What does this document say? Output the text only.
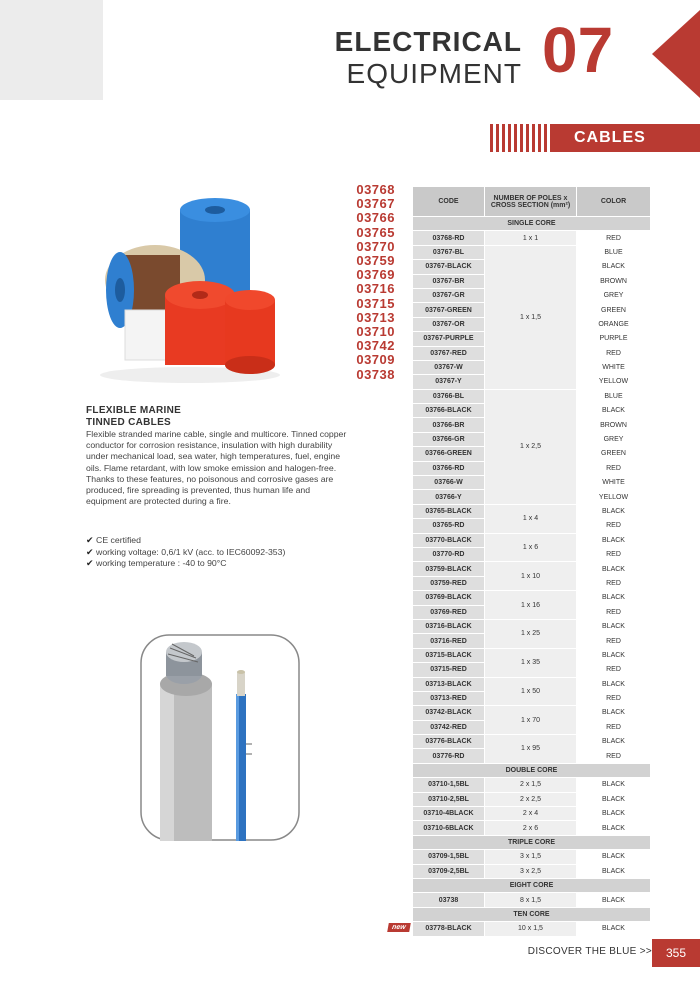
ELECTRICAL
EQUIPMENT 07
CABLES
03768
03767
03766
03765
03770
03759
03769
03716
03715
03713
03710
03742
03709
03738
FLEXIBLE MARINE
TINNED CABLES
Flexible stranded marine cable, single and multicore. Tinned copper conductor for corrosion resistance, insulation with high durability under mechanical load, sea water, high temperatures, fuel, engine oils. Flame retardant, with low smoke emission and halogen-free. Thanks to these features, no poisonous and corrosive gases are produced, fire spreading is prevented, thus human life and equipment are protected during a fire.
✔ CE certified
✔ working voltage: 0,6/1 kV (acc. to IEC60092-353)
✔ working temperature : -40 to 90°C
CODE	NUMBER OF POLES x CROSS SECTION (mm²)	COLOR
SINGLE CORE		
03768-RD	1 x 1	RED
03767-BL	1 x 1,5	BLUE
03767-BLACK		BLACK
03767-BR		BROWN
03767-GR		GREY
03767-GREEN		GREEN
03767-OR		ORANGE
03767-PURPLE		PURPLE
03767-RED		RED
03767-W		WHITE
03767-Y		YELLOW
03766-BL	1 x 2,5	BLUE
03766-BLACK		BLACK
03766-BR		BROWN
03766-GR		GREY
03766-GREEN		GREEN
03766-RD		RED
03766-W		WHITE
03766-Y		YELLOW
03765-BLACK	1 x 4	BLACK
03765-RD		RED
03770-BLACK	1 x 6	BLACK
03770-RD		RED
03759-BLACK	1 x 10	BLACK
03759-RED		RED
03769-BLACK	1 x 16	BLACK
03769-RED		RED
03716-BLACK	1 x 25	BLACK
03716-RED		RED
03715-BLACK	1 x 35	BLACK
03715-RED		RED
03713-BLACK	1 x 50	BLACK
03713-RED		RED
03742-BLACK	1 x 70	BLACK
03742-RED		RED
03776-BLACK	1 x 95	BLACK
03776-RD		RED
DOUBLE CORE		
03710-1,5BL	2 x 1,5	BLACK
03710-2,5BL	2 x 2,5	BLACK
03710-4BLACK	2 x 4	BLACK
03710-6BLACK	2 x 6	BLACK
TRIPLE CORE		
03709-1,5BL	3 x 1,5	BLACK
03709-2,5BL	3 x 2,5	BLACK
EIGHT CORE		
03738	8 x 1,5	BLACK
TEN CORE		
03778-BLACK	10 x 1,5	BLACK
new
DISCOVER THE BLUE >>	355
